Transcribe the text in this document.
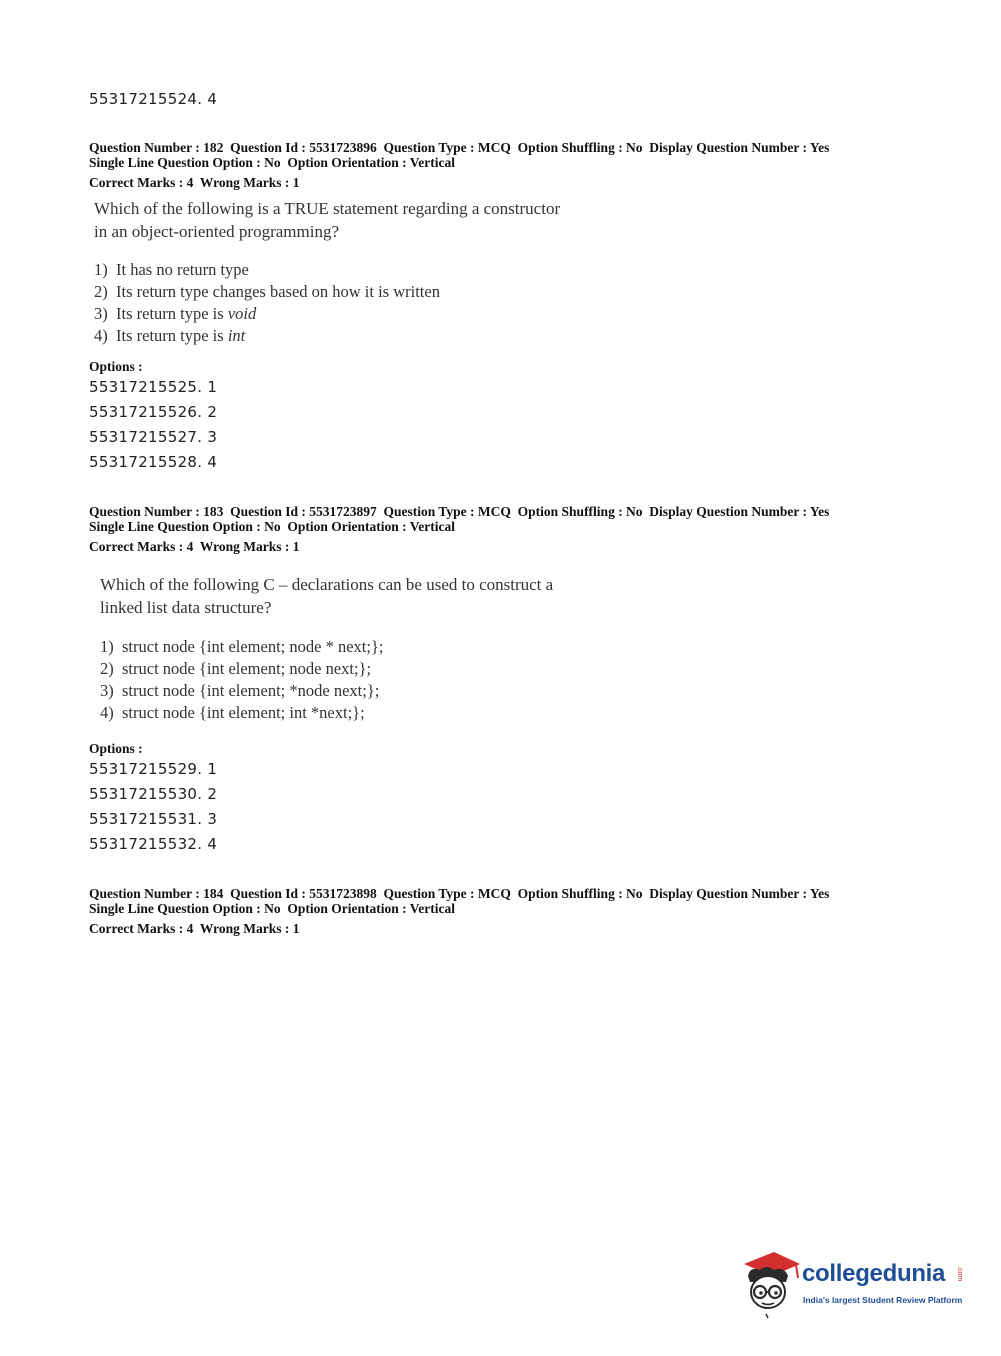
55317215524. 4
Question Number : 182  Question Id : 5531723896  Question Type : MCQ  Option Shuffling : No  Display Question Number : Yes
Single Line Question Option : No  Option Orientation : Vertical
Correct Marks : 4  Wrong Marks : 1
Which of the following is a TRUE statement regarding a constructor
in an object-oriented programming?
1) It has no return type
2) Its return type changes based on how it is written
3) Its return type is void
4) Its return type is int
Options :
55317215525. 1
55317215526. 2
55317215527. 3
55317215528. 4
Question Number : 183  Question Id : 5531723897  Question Type : MCQ  Option Shuffling : No  Display Question Number : Yes
Single Line Question Option : No  Option Orientation : Vertical
Correct Marks : 4  Wrong Marks : 1
Which of the following C – declarations can be used to construct a
linked list data structure?
1) struct node {int element; node * next;};
2) struct node {int element; node next;};
3) struct node {int element; *node next;};
4) struct node {int element; int *next;};
Options :
55317215529. 1
55317215530. 2
55317215531. 3
55317215532. 4
Question Number : 184  Question Id : 5531723898  Question Type : MCQ  Option Shuffling : No  Display Question Number : Yes
Single Line Question Option : No  Option Orientation : Vertical
Correct Marks : 4  Wrong Marks : 1
collegedunia .com
India's largest Student Review Platform
